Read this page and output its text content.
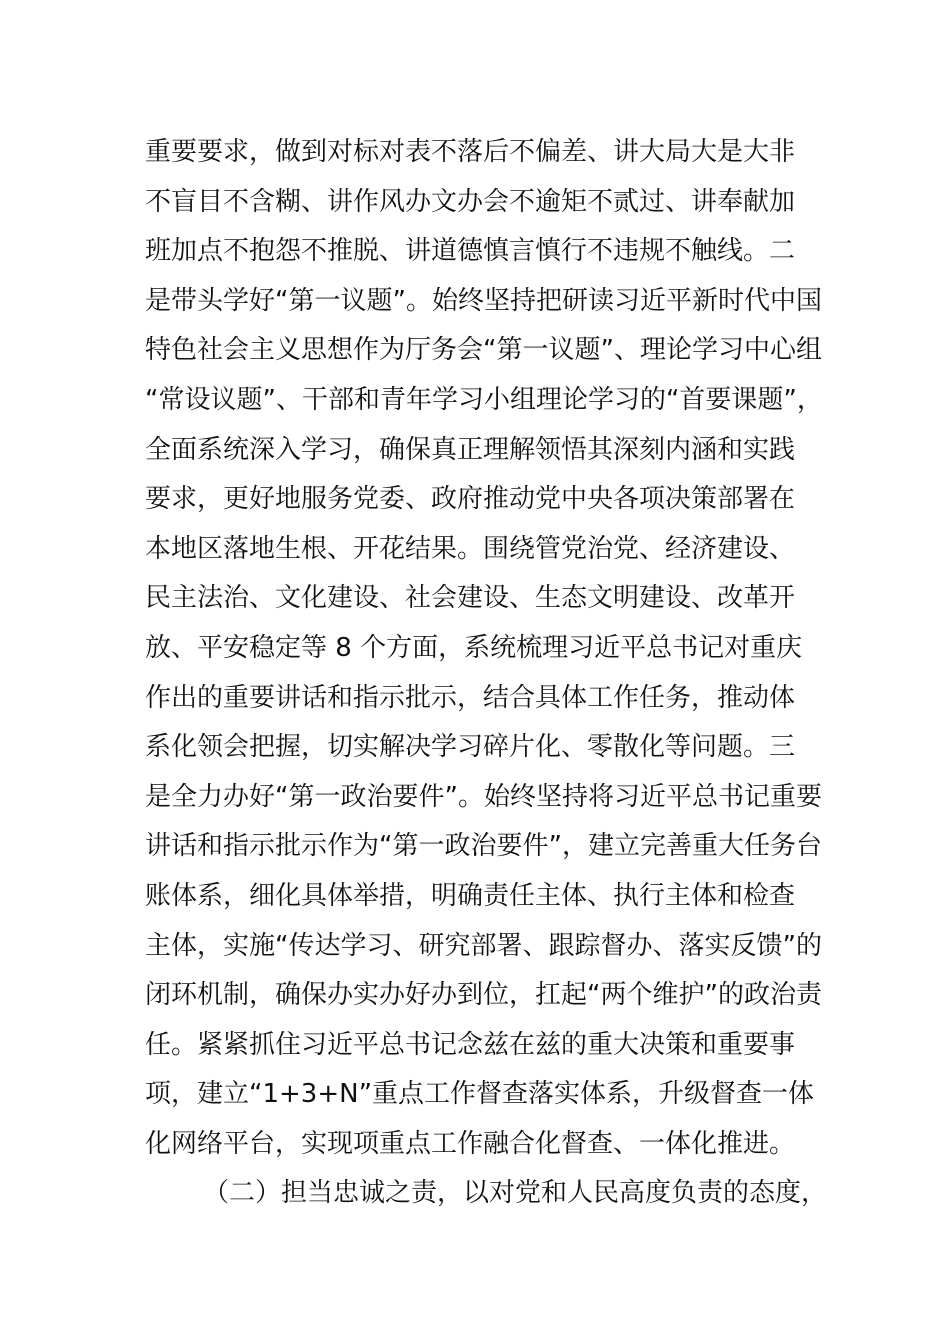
重要要求，做到对标对表不落后不偏差、讲大局大是大非
不盲目不含糊、讲作风办文办会不逾矩不贰过、讲奉献加
班加点不抱怨不推脱、讲道德慎言慎行不违规不触线。二
是带头学好“第一议题”。始终坚持把研读习近平新时代中国
特色社会主义思想作为厅务会“第一议题”、理论学习中心组
“常设议题”、干部和青年学习小组理论学习的“首要课题”，
全面系统深入学习，确保真正理解领悟其深刻内涵和实践
要求，更好地服务党委、政府推动党中央各项决策部署在
本地区落地生根、开花结果。围绕管党治党、经济建设、
民主法治、文化建设、社会建设、生态文明建设、改革开
放、平安稳定等 8 个方面，系统梳理习近平总书记对重庆
作出的重要讲话和指示批示，结合具体工作任务，推动体
系化领会把握，切实解决学习碎片化、零散化等问题。三
是全力办好“第一政治要件”。始终坚持将习近平总书记重要
讲话和指示批示作为“第一政治要件”，建立完善重大任务台
账体系，细化具体举措，明确责任主体、执行主体和检查
主体，实施“传达学习、研究部署、跟踪督办、落实反馈”的
闭环机制，确保办实办好办到位，扛起“两个维护”的政治责
任。紧紧抓住习近平总书记念兹在兹的重大决策和重要事
项，建立“1+3+N”重点工作督查落实体系，升级督查一体
化网络平台，实现项重点工作融合化督查、一体化推进。
（二）担当忠诚之责，以对党和人民高度负责的态度，
